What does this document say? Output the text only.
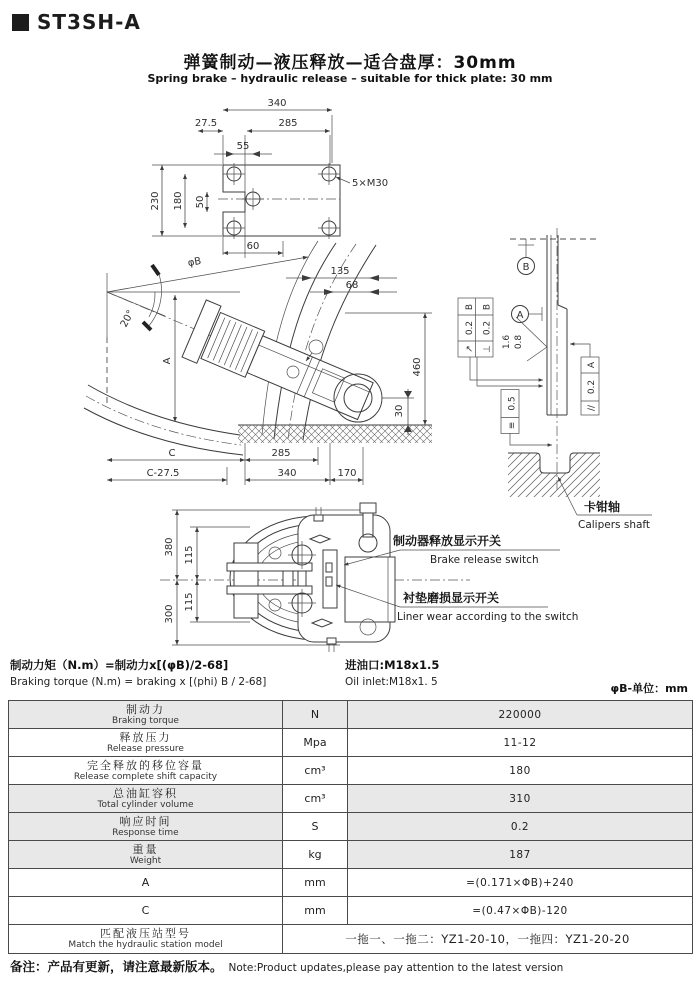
ST3SH-A
弹簧制动—液压释放—适合盘厚：30mm
Spring brake – hydraulic release – suitable for thick plate: 30 mm
340
27.5	285
55
230 180 50
60
5×M30
φB
20°
135
68
A	460
30
C	285
C-27.5	340	170
B
A
↗
0.2
B
⊥
0.2
B
1.6 0.8
//
0.2
A
≡
0.5
卡钳轴
Calipers shaft
380 115
300
115
制动器释放显示开关
Brake release switch
衬垫磨损显示开关
Liner wear according to the switch
制动力矩（N.m）=制动力x[(φB)/2-68]
Braking torque (N.m) = braking x [(phi) B / 2-68]
进油口:M18x1.5
Oil inlet:M18x1. 5	φB-单位：mm
制动力
Braking torque	N	220000

释放压力
Release pressure	Mpa	11-12

完全释放的移位容量
Release complete shift capacity	cm³	180

总油缸容积
Total cylinder volume	cm³	310

响应时间
Response time	S	0.2

重量
Weight	kg	187

A	mm	=(0.171×ΦB)+240

C	mm	=(0.47×ΦB)-120

匹配液压站型号
Match the hydraulic station model	一拖一、一拖二：YZ1-20-10，一拖四：YZ1-20-20	
备注：产品有更新，请注意最新版本。 Note:Product updates,please pay attention to the latest version
